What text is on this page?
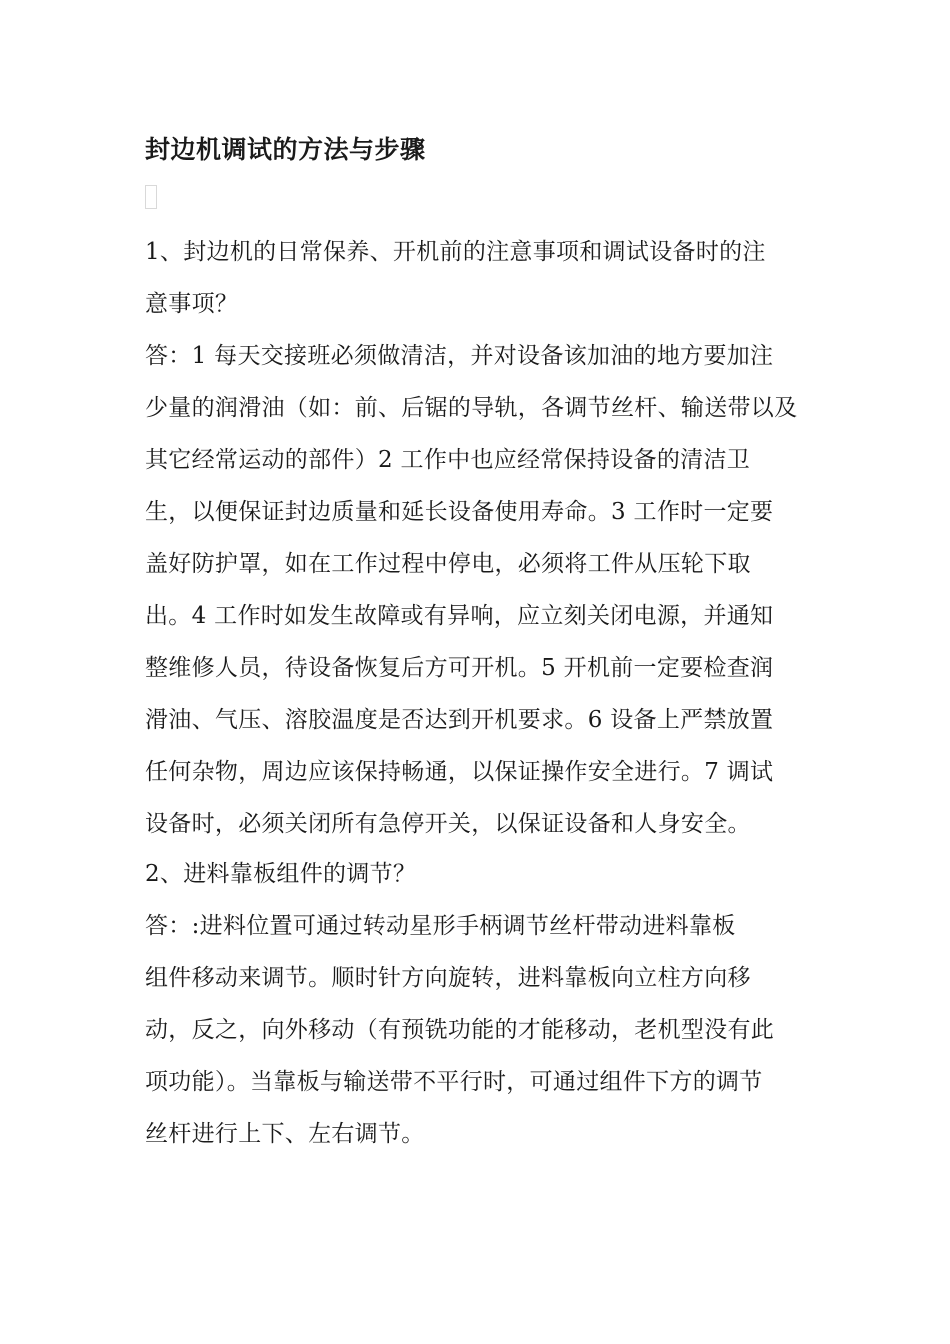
封边机调试的方法与步骤

1、封边机的日常保养、开机前的注意事项和调试设备时的注

意事项？

答：1 每天交接班必须做清洁，并对设备该加油的地方要加注

少量的润滑油（如：前、后锯的导轨，各调节丝杆、输送带以及

其它经常运动的部件）2 工作中也应经常保持设备的清洁卫

生，以便保证封边质量和延长设备使用寿命。3 工作时一定要

盖好防护罩，如在工作过程中停电，必须将工件从压轮下取

出。4 工作时如发生故障或有异响，应立刻关闭电源，并通知

整维修人员，待设备恢复后方可开机。5 开机前一定要检查润

滑油、气压、溶胶温度是否达到开机要求。6 设备上严禁放置

任何杂物，周边应该保持畅通，以保证操作安全进行。7 调试

设备时，必须关闭所有急停开关，以保证设备和人身安全。

2、进料靠板组件的调节？

答：:进料位置可通过转动星形手柄调节丝杆带动进料靠板

组件移动来调节。顺时针方向旋转，进料靠板向立柱方向移

动，反之，向外移动（有预铣功能的才能移动，老机型没有此

项功能）。当靠板与输送带不平行时，可通过组件下方的调节

丝杆进行上下、左右调节。
